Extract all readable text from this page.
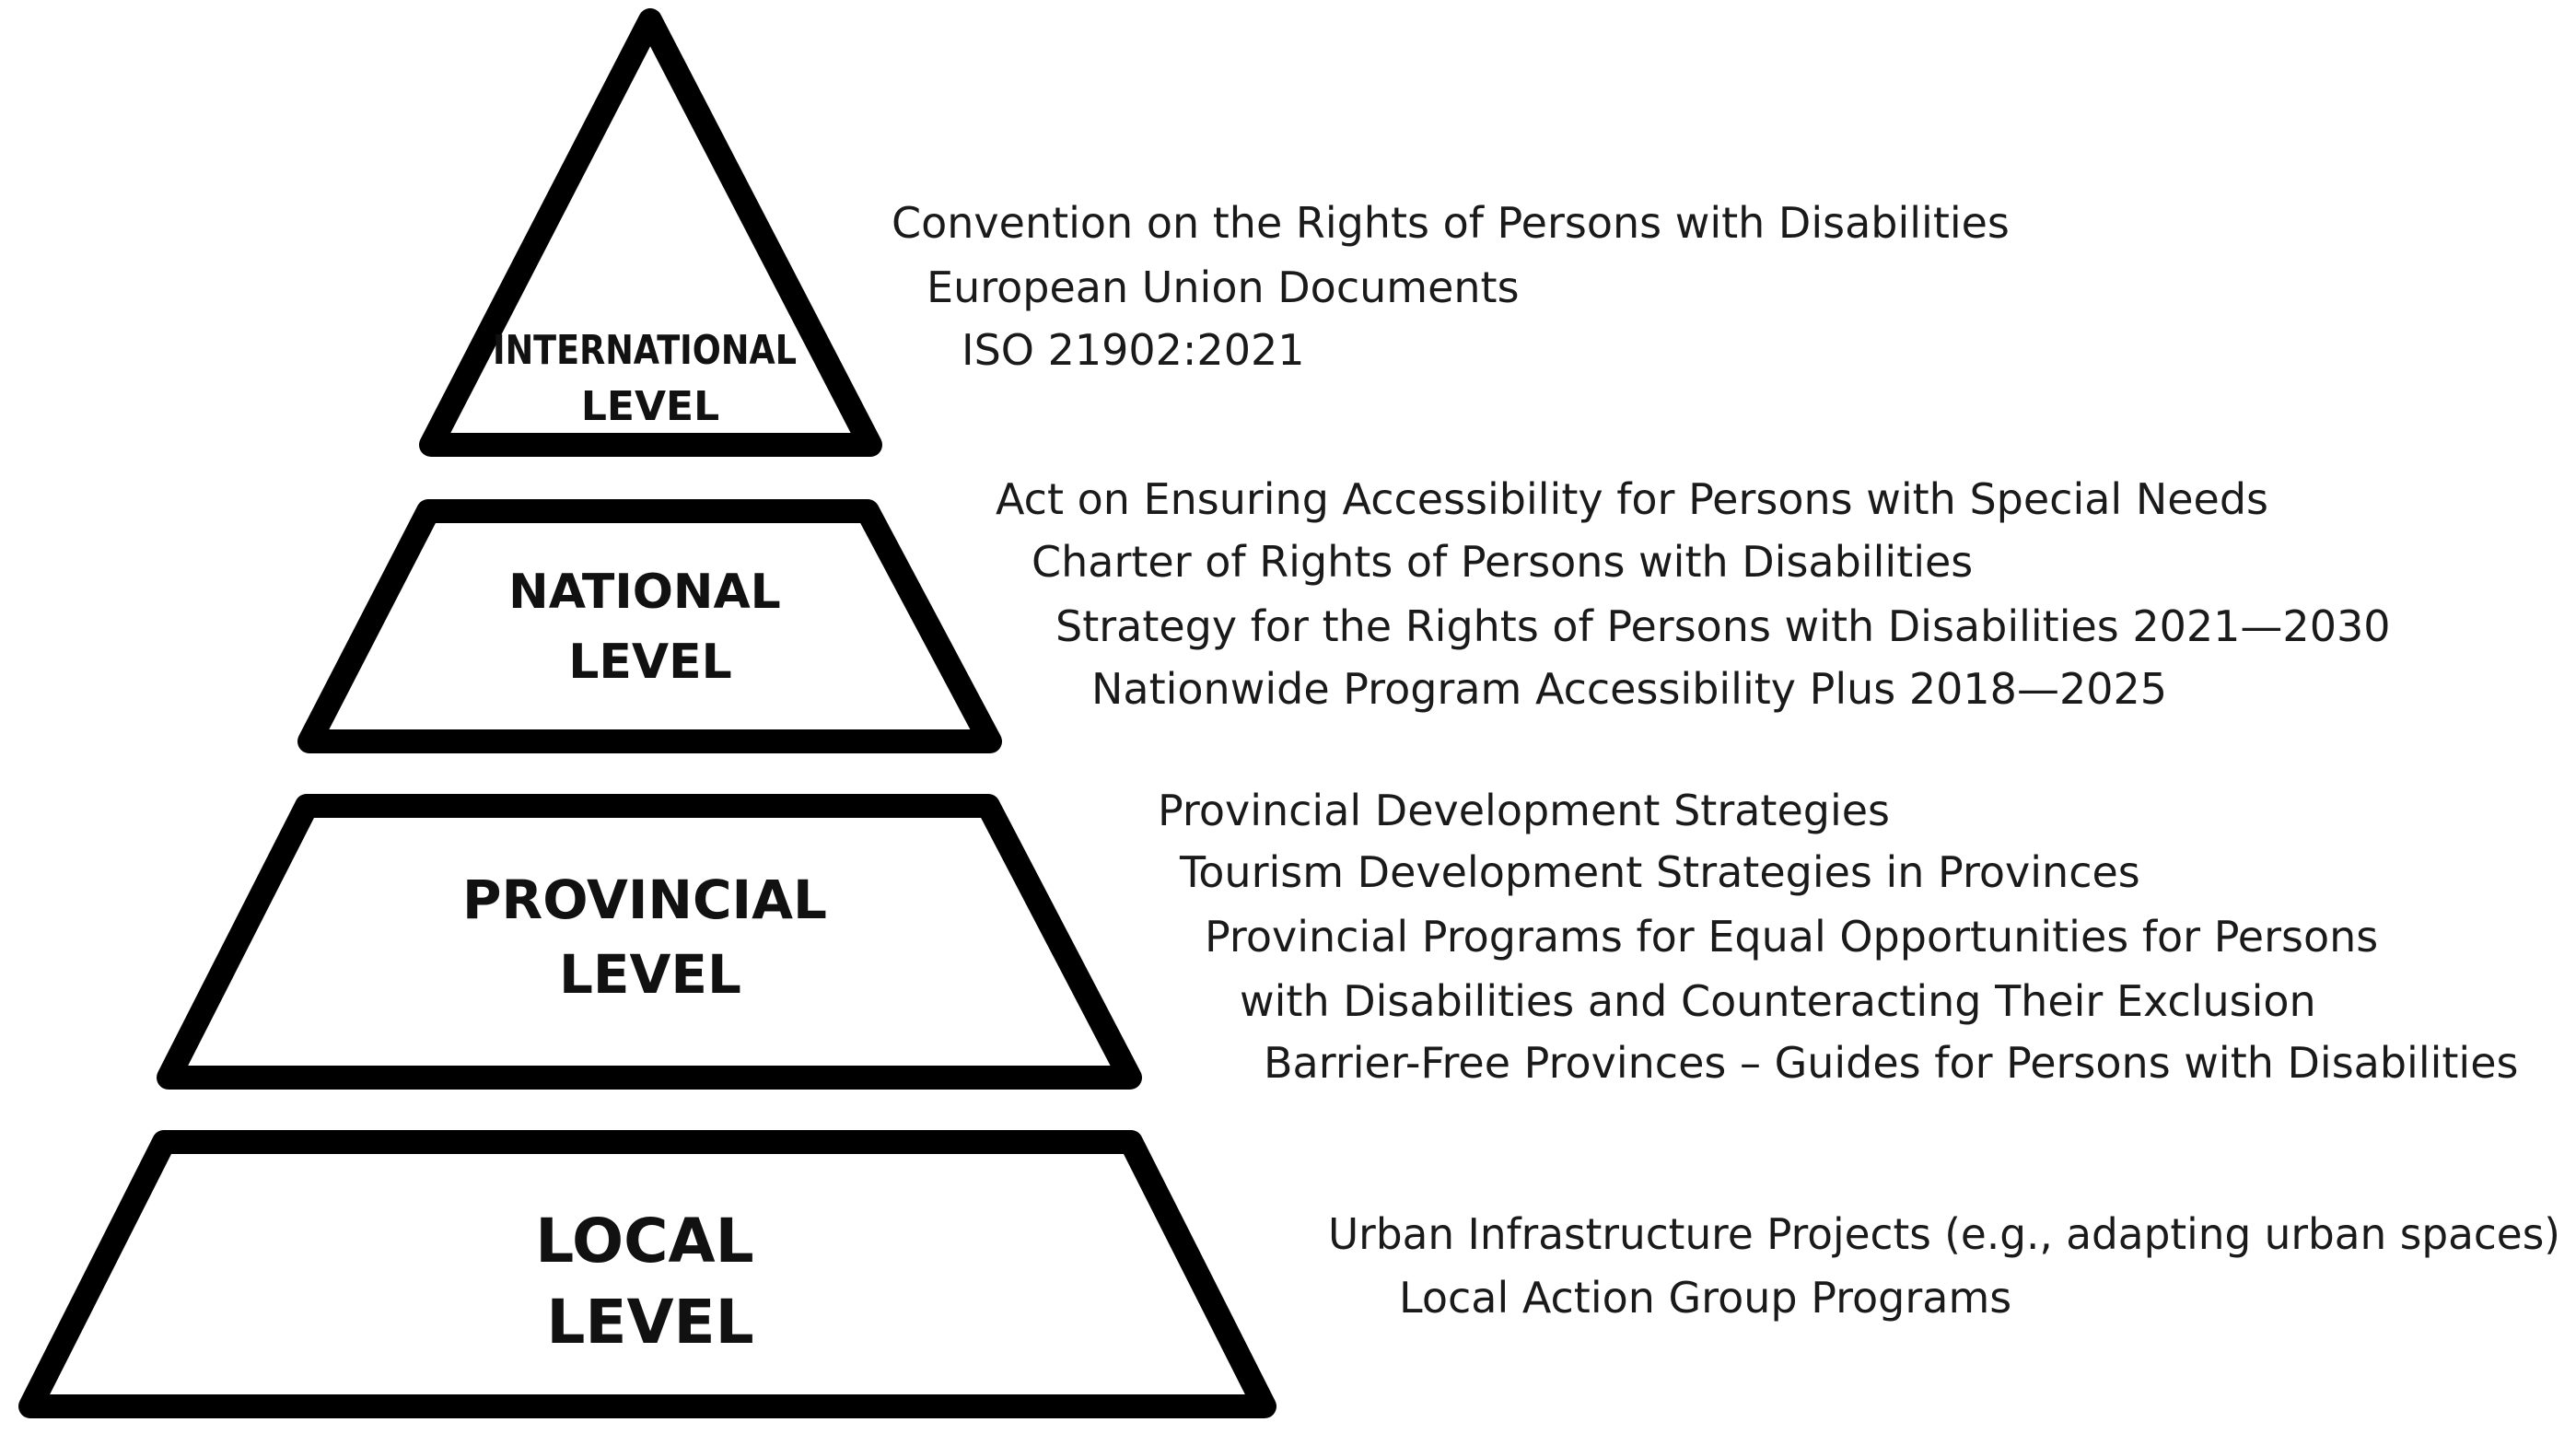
INTERNATIONAL
LEVEL
NATIONAL
LEVEL
PROVINCIAL
LEVEL
LOCAL
LEVEL
Convention on the Rights of Persons with Disabilities
European Union Documents
ISO 21902:2021
Act on Ensuring Accessibility for Persons with Special Needs
Charter of Rights of Persons with Disabilities
Strategy for the Rights of Persons with Disabilities 2021—2030
Nationwide Program Accessibility Plus 2018—2025
Provincial Development Strategies
Tourism Development Strategies in Provinces
Provincial Programs for Equal Opportunities for Persons
with Disabilities and Counteracting Their Exclusion
Barrier-Free Provinces – Guides for Persons with Disabilities
Urban Infrastructure Projects (e.g., adapting urban spaces)
Local Action Group Programs
